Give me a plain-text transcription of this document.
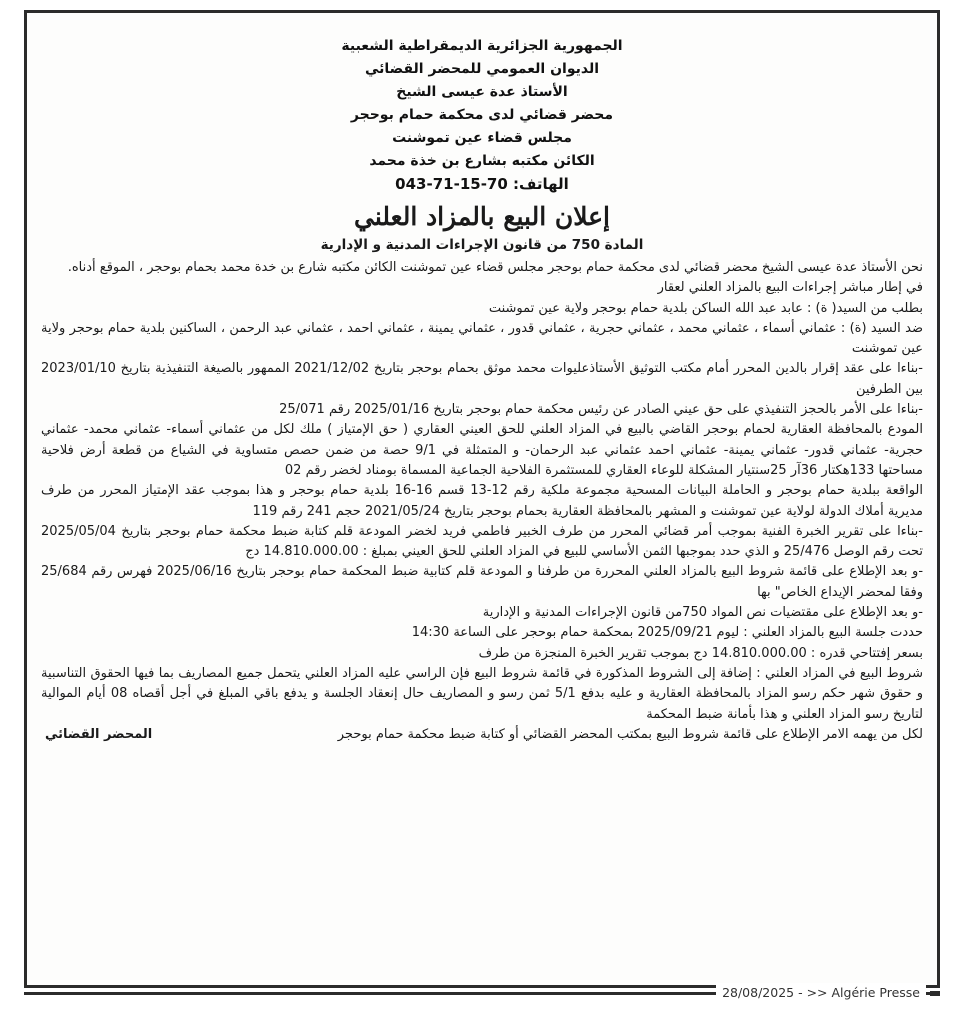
الجمهورية الجزائرية الديمقراطية الشعبية
الديوان العمومي للمحضر القضائي
الأستاذ عدة عيسى الشيخ
محضر قضائي لدى محكمة حمام بوحجر
مجلس قضاء عين تموشنت
الكائن مكتبه بشارع بن خذة محمد
الهاتف: 70-15-71-043
إعلان البيع بالمزاد العلني
المادة 750 من قانون الإجراءات المدنية و الإدارية

نحن الأستاذ عدة عيسى الشيخ محضر قضائي لدى محكمة حمام بوحجر مجلس قضاء عين تموشنت الكائن مكتبه شارع بن خدة محمد بحمام بوحجر ، الموقع أدناه.

في إطار مباشر إجراءات البيع بالمزاد العلني لعقار

بطلب من السيد( ة) : عابد عبد الله الساكن بلدية حمام بوحجر ولاية عين تموشنت

ضد السيد (ة) : عثماني أسماء ، عثماني محمد ، عثماني حجرية ، عثماني قدور ، عثماني يمينة ، عثماني احمد ، عثماني عبد الرحمن ، الساكنين بلدية حمام بوحجر ولاية عين تموشنت

-بناءا على عقد إقرار بالدين المحرر أمام مكتب التوثيق الأستاذعليوات محمد موثق بحمام بوحجر بتاريخ 2021/12/02 الممهور بالصيغة التنفيذية بتاريخ 2023/01/10 بين الطرفين

-بناءا على الأمر بالحجز التنفيذي على حق عيني الصادر عن رئيس محكمة حمام بوحجر بتاريخ 2025/01/16 رقم 25/071

المودع بالمحافظة العقارية لحمام بوحجر القاضي بالبيع في المزاد العلني للحق العيني العقاري ( حق الإمتياز ) ملك لكل من عثماني أسماء- عثماني محمد- عثماني حجرية- عثماني قدور- عثماني يمينة- عثماني احمد عثماني عبد الرحمان- و المتمثلة في 9/1 حصة من ضمن حصص متساوية في الشياع من قطعة أرض فلاحية مساحتها 133هكتار 36آر 25سنتيار المشكلة للوعاء العقاري للمستثمرة الفلاحية الجماعية المسماة بومناد لخضر رقم 02

الواقعة ببلدية حمام بوحجر و الحاملة البيانات المسحية مجموعة ملكية رقم 12-13 قسم 16-16 بلدية حمام بوحجر و هذا بموجب عقد الإمتياز المحرر من طرف مديرية أملاك الدولة لولاية عين تموشنت و المشهر بالمحافظة العقارية بحمام بوحجر بتاريخ 2021/05/24 حجم 241 رقم 119

-بناءا على تقرير الخبرة الفنية بموجب أمر قضائي المحرر من طرف الخبير فاطمي فريد لخضر المودعة قلم كتابة ضبط محكمة حمام بوحجر بتاريخ 2025/05/04 تحت رقم الوصل 25/476 و الذي حدد بموجبها الثمن الأساسي للبيع في المزاد العلني للحق العيني بمبلغ : 14.810.000.00 دج

-و بعد الإطلاع على قائمة شروط البيع بالمزاد العلني المحررة من طرفنا و المودعة قلم كتابية ضبط المحكمة حمام بوحجر بتاريخ 2025/06/16 فهرس رقم 25/684 وفقا لمحضر الإيداع الخاص" بها

-و بعد الإطلاع على مقتضيات نص المواد 750من قانون الإجراءات المدنية و الإدارية

حددت جلسة البيع بالمزاد العلني : ليوم 2025/09/21 بمحكمة حمام بوحجر على الساعة 14:30

بسعر إفتتاحي قدره : 14.810.000.00 دج بموجب تقرير الخبرة المنجزة من طرف

شروط البيع في المزاد العلني : إضافة إلى الشروط المذكورة في قائمة شروط البيع فإن الراسي عليه المزاد العلني يتحمل جميع المصاريف بما فيها الحقوق التناسبية و حقوق شهر حكم رسو المزاد بالمحافظة العقارية و عليه بدفع 5/1 ثمن رسو و المصاريف حال إنعقاد الجلسة و يدفع باقي المبلغ في أجل أقصاه 08 أيام الموالية لتاريخ رسو المزاد العلني و هذا بأمانة ضبط المحكمة

لكل من يهمه الامر الإطلاع على قائمة شروط البيع بمكتب المحضر القضائي أو كتابة ضبط محكمة حمام بوحجر

المحضر القضائي
28/08/2025 - >> Algérie Presse
